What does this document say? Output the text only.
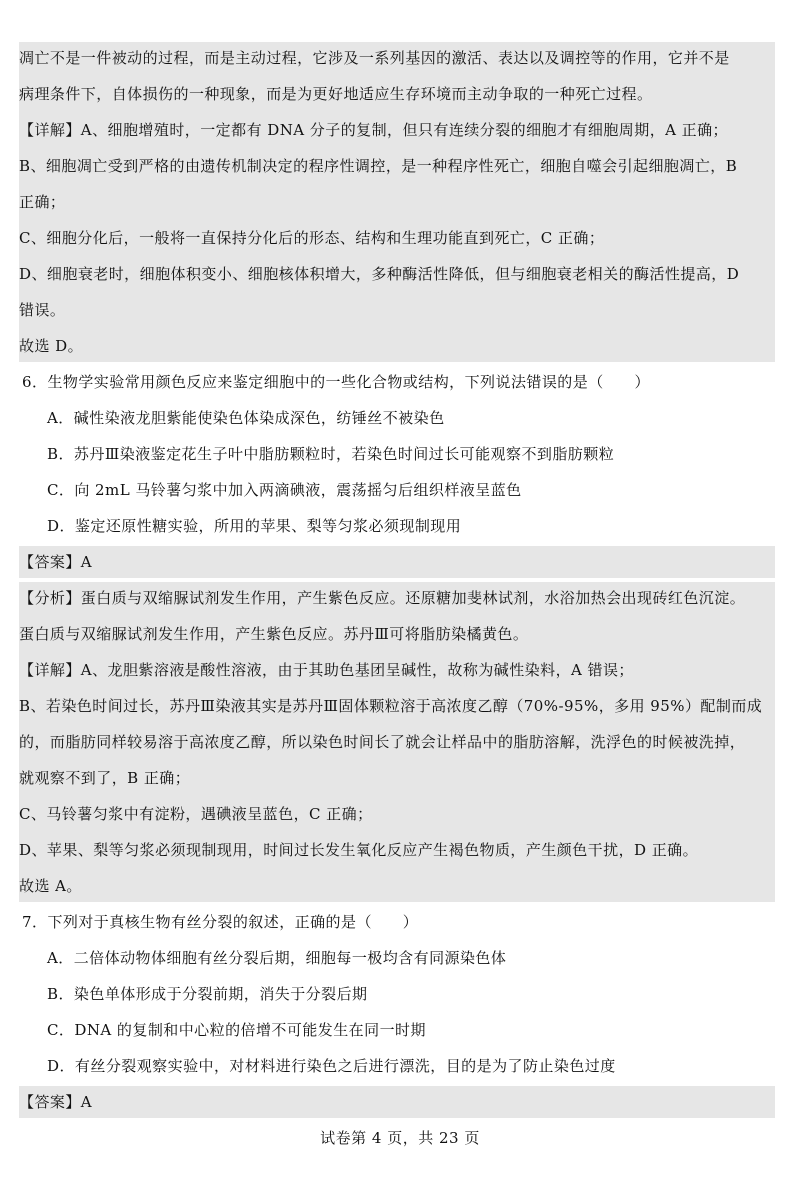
凋亡不是一件被动的过程，而是主动过程，它涉及一系列基因的激活、表达以及调控等的作用，它并不是
病理条件下，自体损伤的一种现象，而是为更好地适应生存环境而主动争取的一种死亡过程。
【详解】A、细胞增殖时，一定都有 DNA 分子的复制，但只有连续分裂的细胞才有细胞周期，A 正确；
B、细胞凋亡受到严格的由遗传机制决定的程序性调控，是一种程序性死亡，细胞自噬会引起细胞凋亡，B
正确；
C、细胞分化后，一般将一直保持分化后的形态、结构和生理功能直到死亡，C 正确；
D、细胞衰老时，细胞体积变小、细胞核体积增大，多种酶活性降低，但与细胞衰老相关的酶活性提高，D
错误。
故选 D。
6．生物学实验常用颜色反应来鉴定细胞中的一些化合物或结构，下列说法错误的是（　　）
A．碱性染液龙胆紫能使染色体染成深色，纺锤丝不被染色
B．苏丹Ⅲ染液鉴定花生子叶中脂肪颗粒时，若染色时间过长可能观察不到脂肪颗粒
C．向 2mL 马铃薯匀浆中加入两滴碘液，震荡摇匀后组织样液呈蓝色
D．鉴定还原性糖实验，所用的苹果、梨等匀浆必须现制现用
【答案】A
【分析】蛋白质与双缩脲试剂发生作用，产生紫色反应。还原糖加斐林试剂，水浴加热会出现砖红色沉淀。
蛋白质与双缩脲试剂发生作用，产生紫色反应。苏丹Ⅲ可将脂肪染橘黄色。
【详解】A、龙胆紫溶液是酸性溶液，由于其助色基团呈碱性，故称为碱性染料，A 错误；
B、若染色时间过长，苏丹Ⅲ染液其实是苏丹Ⅲ固体颗粒溶于高浓度乙醇（70%-95%，多用 95%）配制而成
的，而脂肪同样较易溶于高浓度乙醇，所以染色时间长了就会让样品中的脂肪溶解，洗浮色的时候被洗掉，
就观察不到了，B 正确；
C、马铃薯匀浆中有淀粉，遇碘液呈蓝色，C 正确；
D、苹果、梨等匀浆必须现制现用，时间过长发生氧化反应产生褐色物质，产生颜色干扰，D 正确。
故选 A。
7．下列对于真核生物有丝分裂的叙述，正确的是（　　）
A．二倍体动物体细胞有丝分裂后期，细胞每一极均含有同源染色体
B．染色单体形成于分裂前期，消失于分裂后期
C．DNA 的复制和中心粒的倍增不可能发生在同一时期
D．有丝分裂观察实验中，对材料进行染色之后进行漂洗，目的是为了防止染色过度
【答案】A
试卷第 4 页，共 23 页
